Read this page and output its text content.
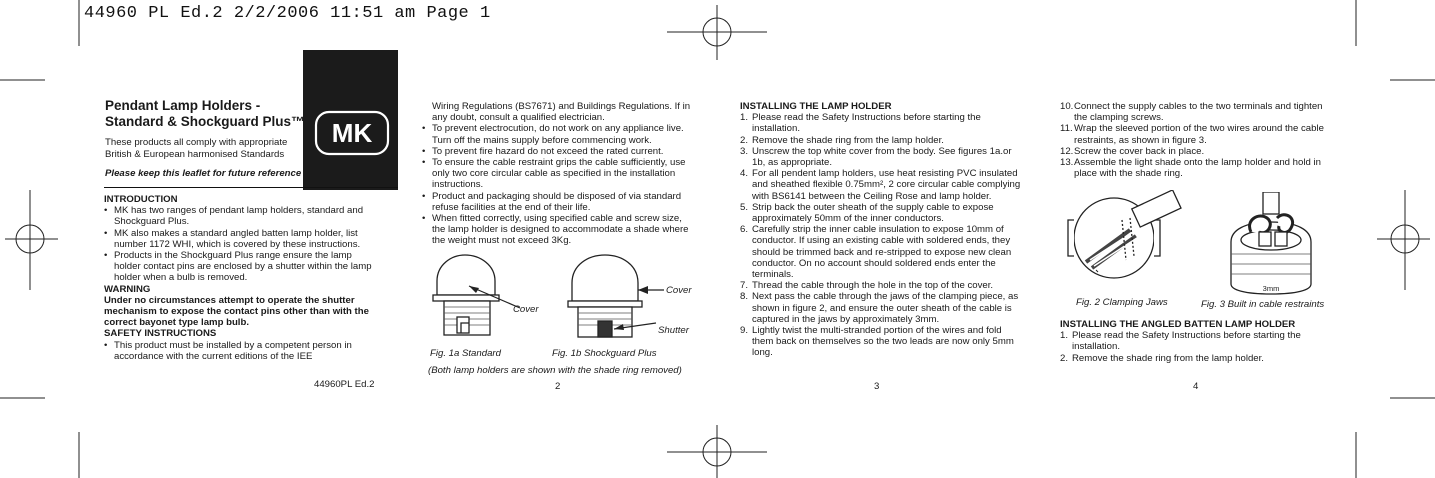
44960 PL Ed.2 2/2/2006 11:51 am Page 1
MK
Pendant Lamp Holders -
Standard & Shockguard Plus™
These products all comply with appropriate
British & European harmonised Standards
Please keep this leaflet for future reference
INTRODUCTION
• MK has two ranges of pendant lamp holders, standard and Shockguard Plus.
• MK also makes a standard angled batten lamp holder, list number 1172 WHI, which is covered by these instructions.
• Products in the Shockguard Plus range ensure the lamp holder contact pins are enclosed by a shutter within the lamp holder when a bulb is removed.
WARNING
Under no circumstances attempt to operate the shutter mechanism to expose the contact pins other than with the correct bayonet type lamp bulb.
SAFETY INSTRUCTIONS
• This product must be installed by a competent person in accordance with the current editions of the IEE
44960PL Ed.2

Wiring Regulations (BS7671) and Buildings Regulations. If in any doubt, consult a qualified electrician.

• To prevent electrocution, do not work on any appliance live. Turn off the mains supply before commencing work.
• To prevent fire hazard do not exceed the rated current.
• To ensure the cable restraint grips the cable sufficiently, use only two core circular cable as specified in the installation instructions.
• Product and packaging should be disposed of via standard refuse facilities at the end of their life.
• When fitted correctly, using specified cable and screw size, the lamp holder is designed to accommodate a shade where the weight must not exceed 3Kg.
Cover
Cover
Shutter
Fig. 1a Standard	Fig. 1b Shockguard Plus
(Both lamp holders are shown with the shade ring removed)
2
INSTALLING THE LAMP HOLDER
1. Please read the Safety Instructions before starting the installation.
2. Remove the shade ring from the lamp holder.
3. Unscrew the top white cover from the body. See figures 1a.or 1b, as appropriate.
4. For all pendent lamp holders, use heat resisting PVC insulated and sheathed flexible 0.75mm², 2 core circular cable complying with BS6141 between the Ceiling Rose and lamp holder.
5. Strip back the outer sheath of the supply cable to expose approximately 50mm of the inner conductors.
6. Carefully strip the inner cable insulation to expose 10mm of conductor. If using an existing cable with soldered ends, they should be trimmed back and re-stripped to expose new clean conductor. On no account should soldered ends enter the terminals.
7. Thread the cable through the hole in the top of the cover.
8. Next pass the cable through the jaws of the clamping piece, as shown in figure 2, and ensure the outer sheath of the cable is captured in the jaws by approximately 3mm.
9. Lightly twist the multi-stranded portion of the wires and fold them back on themselves so the two leads are now only 5mm long.
3
10. Connect the supply cables to the two terminals and tighten the clamping screws.
11. Wrap the sleeved portion of the two wires around the cable restraints, as shown in figure 3.
12. Screw the cover back in place.
13. Assemble the light shade onto the lamp holder and hold in place with the shade ring.
3mm
Fig. 2 Clamping Jaws	Fig. 3 Built in cable restraints
INSTALLING THE ANGLED BATTEN LAMP HOLDER
1. Please read the Safety Instructions before starting the installation.
2. Remove the shade ring from the lamp holder.
4
